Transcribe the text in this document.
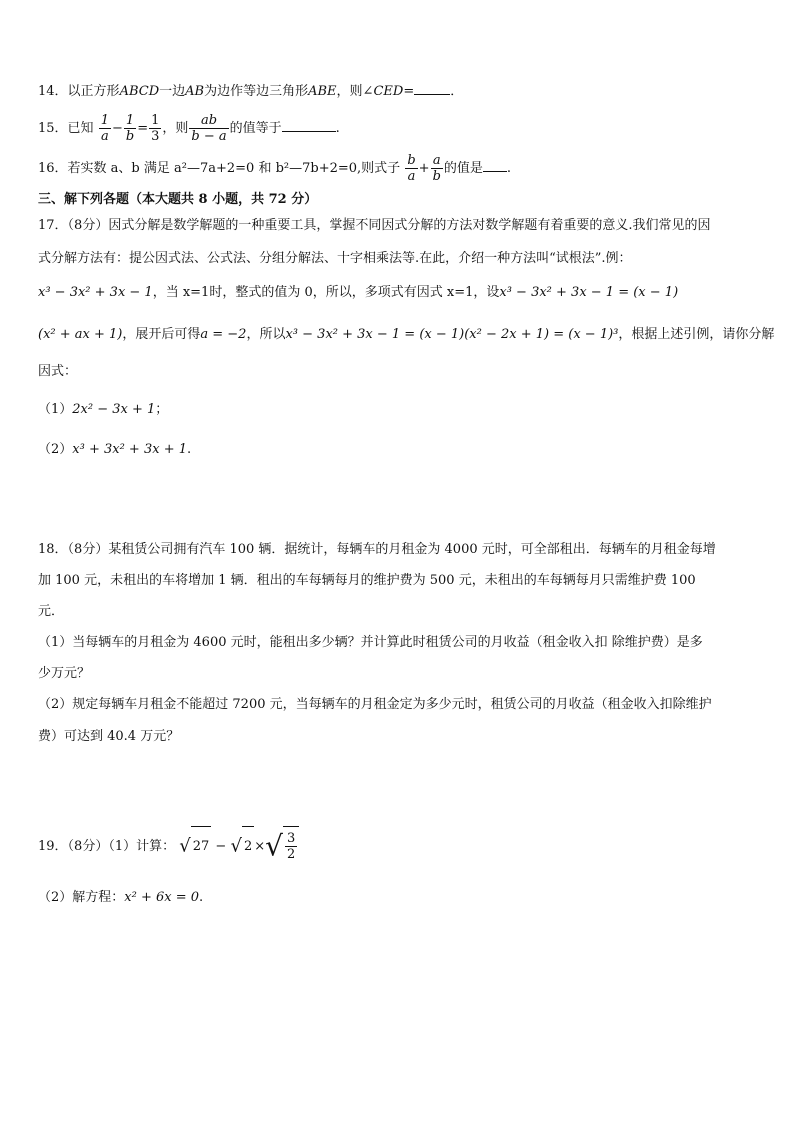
14．以正方形ABCD一边AB为边作等边三角形ABE，则∠CED=	．
15．已知 $\frac{1}{a} - \frac{1}{b} = \frac{1}{3}$ ，则 $\frac{ab}{b - a}$ 的值等于	.
16．若实数 a、b 满足 a²—7a+2=0 和 b²—7b+2=0,则式子 $\frac{b}{a} + \frac{a}{b}$ 的值是 .
三、解下列各题（本大题共 8 小题，共 72 分）
17．（8分）因式分解是数学解题的一种重要工具，掌握不同因式分解的方法对数学解题有着重要的意义.我们常见的因
式分解方法有：提公因式法、公式法、分组分解法、十字相乘法等.在此，介绍一种方法叫“试根法”.例：
x³ − 3x² + 3x − 1，当 x=1时，整式的值为 0，所以，多项式有因式 x=1，设x³ − 3x² + 3x − 1 = (x − 1)
(x² + ax + 1)，展开后可得a = −2，所以x³ − 3x² + 3x − 1 = (x − 1)(x² − 2x + 1) = (x − 1)³，根据上述引例，请你分解
因式：
（1）2x² − 3x + 1；
（2）x³ + 3x² + 3x + 1.
18．（8分）某租赁公司拥有汽车 100 辆．据统计，每辆车的月租金为 4000 元时，可全部租出．每辆车的月租金每增
加 100 元，未租出的车将增加 1 辆．租出的车每辆每月的维护费为 500 元，未租出的车每辆每月只需维护费 100
元．
（1）当每辆车的月租金为 4600 元时，能租出多少辆？并计算此时租赁公司的月收益（租金收入扣 除维护费）是多
少万元？
（2）规定每辆车月租金不能超过 7200 元，当每辆车的月租金定为多少元时，租赁公司的月收益（租金收入扣除维护
费）可达到 40.4 万元？
19．（8分）（1）计算： √ 27 − √ 2 ×√ $\frac{3}{2}$
（2）解方程：x² + 6x = 0.
